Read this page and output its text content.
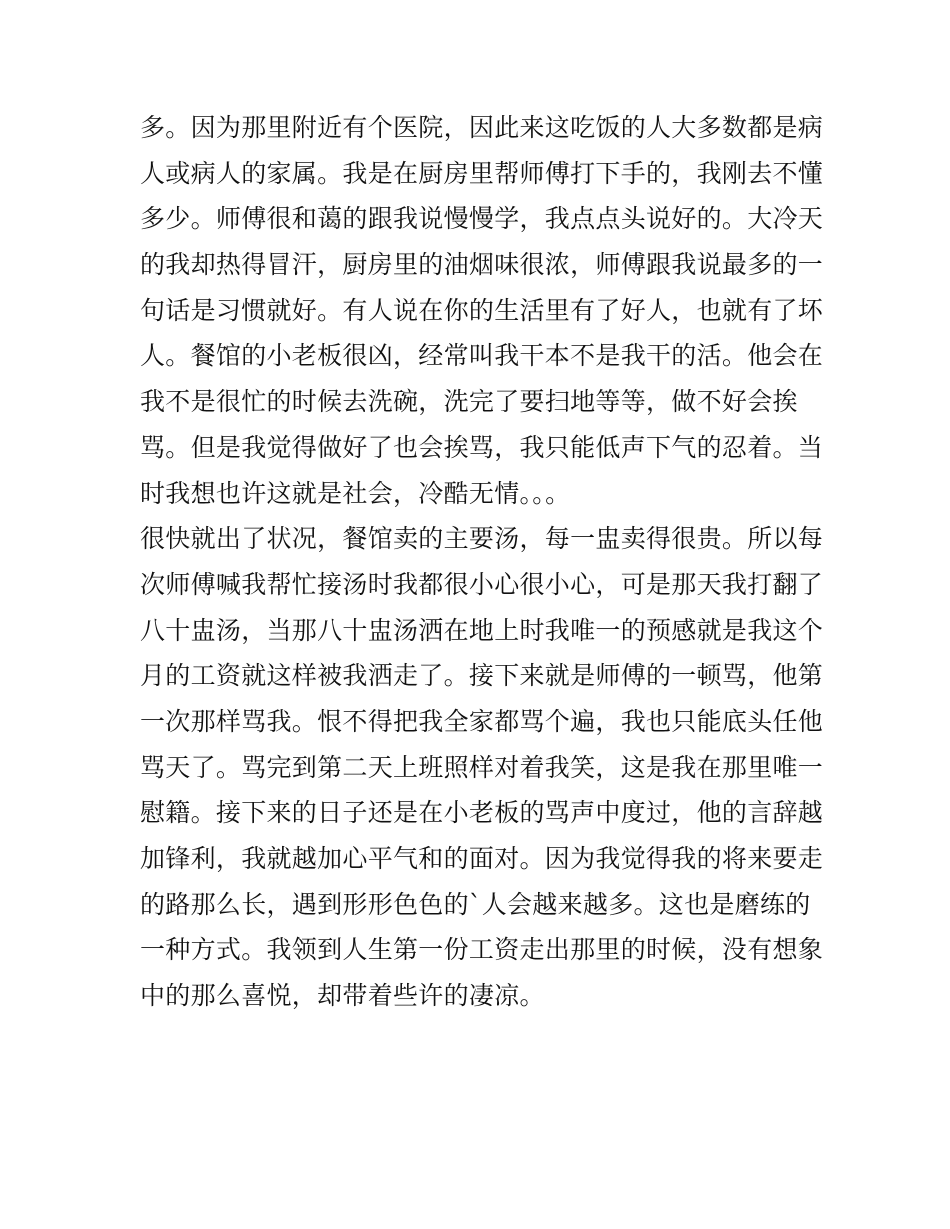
多。因为那里附近有个医院，因此来这吃饭的人大多数都是病
人或病人的家属。我是在厨房里帮师傅打下手的，我刚去不懂
多少。师傅很和蔼的跟我说慢慢学，我点点头说好的。大冷天
的我却热得冒汗，厨房里的油烟味很浓，师傅跟我说最多的一
句话是习惯就好。有人说在你的生活里有了好人，也就有了坏
人。餐馆的小老板很凶，经常叫我干本不是我干的活。他会在
我不是很忙的时候去洗碗，洗完了要扫地等等，做不好会挨
骂。但是我觉得做好了也会挨骂，我只能低声下气的忍着。当
时我想也许这就是社会，冷酷无情。。。
很快就出了状况，餐馆卖的主要汤，每一盅卖得很贵。所以每
次师傅喊我帮忙接汤时我都很小心很小心，可是那天我打翻了
八十盅汤，当那八十盅汤洒在地上时我唯一的预感就是我这个
月的工资就这样被我洒走了。接下来就是师傅的一顿骂，他第
一次那样骂我。恨不得把我全家都骂个遍，我也只能底头任他
骂天了。骂完到第二天上班照样对着我笑，这是我在那里唯一
慰籍。接下来的日子还是在小老板的骂声中度过，他的言辞越
加锋利，我就越加心平气和的面对。因为我觉得我的将来要走
的路那么长，遇到形形色色的`人会越来越多。这也是磨练的
一种方式。我领到人生第一份工资走出那里的时候，没有想象
中的那么喜悦，却带着些许的凄凉。
